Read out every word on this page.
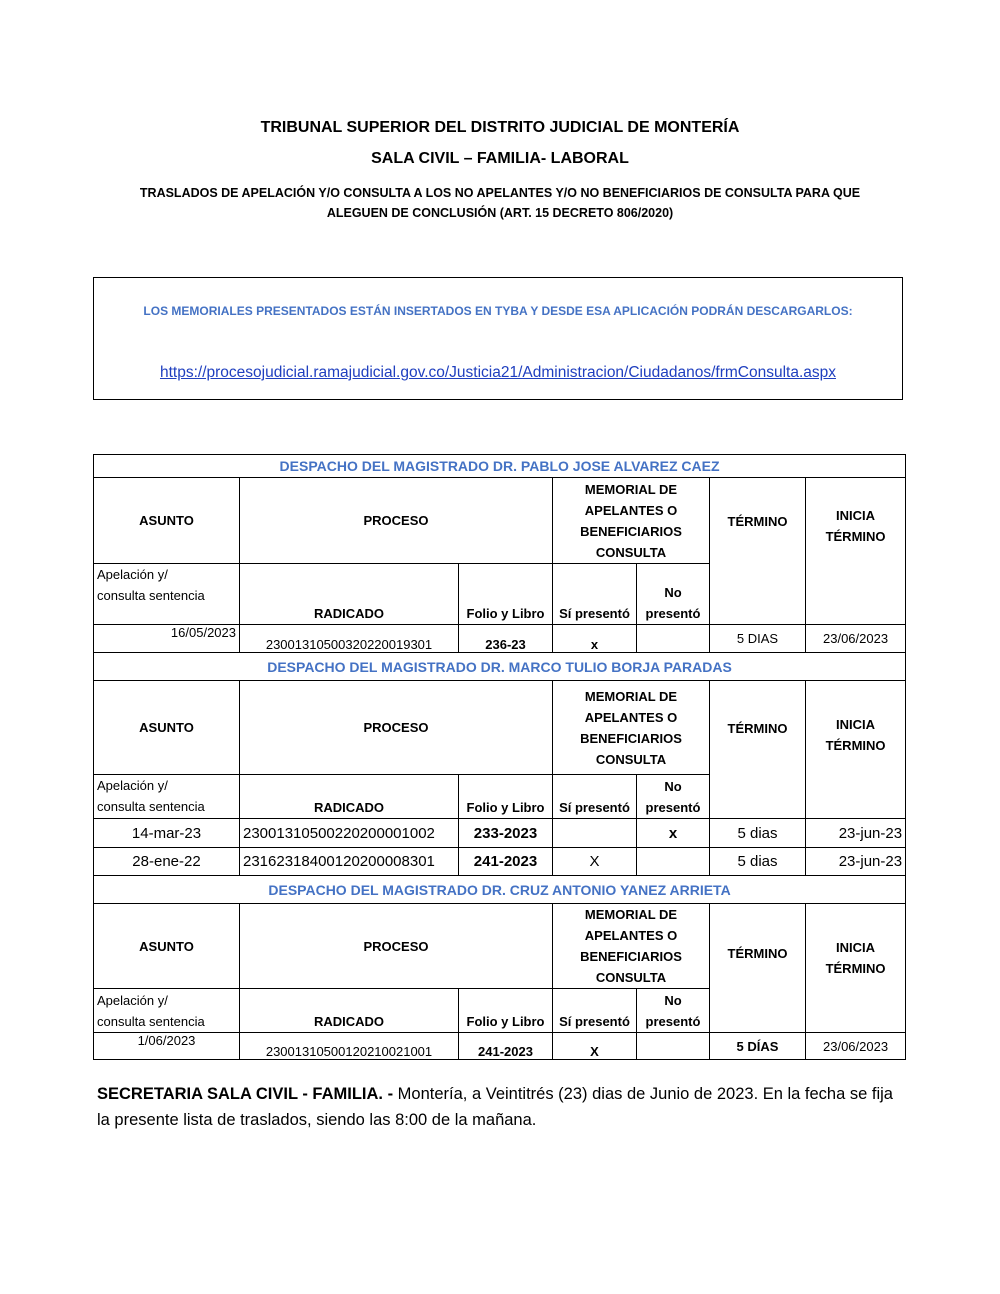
TRIBUNAL SUPERIOR DEL DISTRITO JUDICIAL DE MONTERÍA
SALA CIVIL – FAMILIA- LABORAL
TRASLADOS DE APELACIÓN Y/O CONSULTA A LOS NO APELANTES Y/O NO BENEFICIARIOS DE CONSULTA PARA QUE
ALEGUEN DE CONCLUSIÓN (ART. 15 DECRETO 806/2020)
LOS MEMORIALES PRESENTADOS ESTÁN INSERTADOS EN TYBA Y DESDE ESA APLICACIÓN PODRÁN DESCARGARLOS:
https://procesojudicial.ramajudicial.gov.co/Justicia21/Administracion/Ciudadanos/frmConsulta.aspx
DESPACHO DEL MAGISTRADO DR. PABLO JOSE ALVAREZ CAEZ						
ASUNTO	PROCESO		MEMORIAL DE
APELANTES O
BENEFICIARIOS
CONSULTA		TÉRMINO	INICIA
TÉRMINO
Apelación y/
consulta sentencia	RADICADO	Folio y Libro	Sí presentó	No
presentó		
16/05/2023	23001310500320220019301	236-23	x		5 DIAS	23/06/2023
DESPACHO DEL MAGISTRADO DR. MARCO TULIO BORJA PARADAS						
ASUNTO	PROCESO		MEMORIAL DE
APELANTES O
BENEFICIARIOS
CONSULTA		TÉRMINO	INICIA
TÉRMINO
Apelación y/
consulta sentencia	RADICADO	Folio y Libro	Sí presentó	No
presentó		
14-mar-23	23001310500220200001002	233-2023		x	5 dias	23-jun-23
28-ene-22	23162318400120200008301	241-2023	X		5 dias	23-jun-23
DESPACHO DEL MAGISTRADO DR. CRUZ ANTONIO YANEZ ARRIETA						
ASUNTO	PROCESO		MEMORIAL DE
APELANTES O
BENEFICIARIOS
CONSULTA		TÉRMINO	INICIA
TÉRMINO
Apelación y/
consulta sentencia	RADICADO	Folio y Libro	Sí presentó	No
presentó		
1/06/2023	23001310500120210021001	241-2023	X		5 DÍAS	23/06/2023
SECRETARIA SALA CIVIL - FAMILIA. - Montería, a Veintitrés (23) dias de Junio de 2023. En la fecha se fija la presente lista de traslados, siendo las 8:00 de la mañana.
